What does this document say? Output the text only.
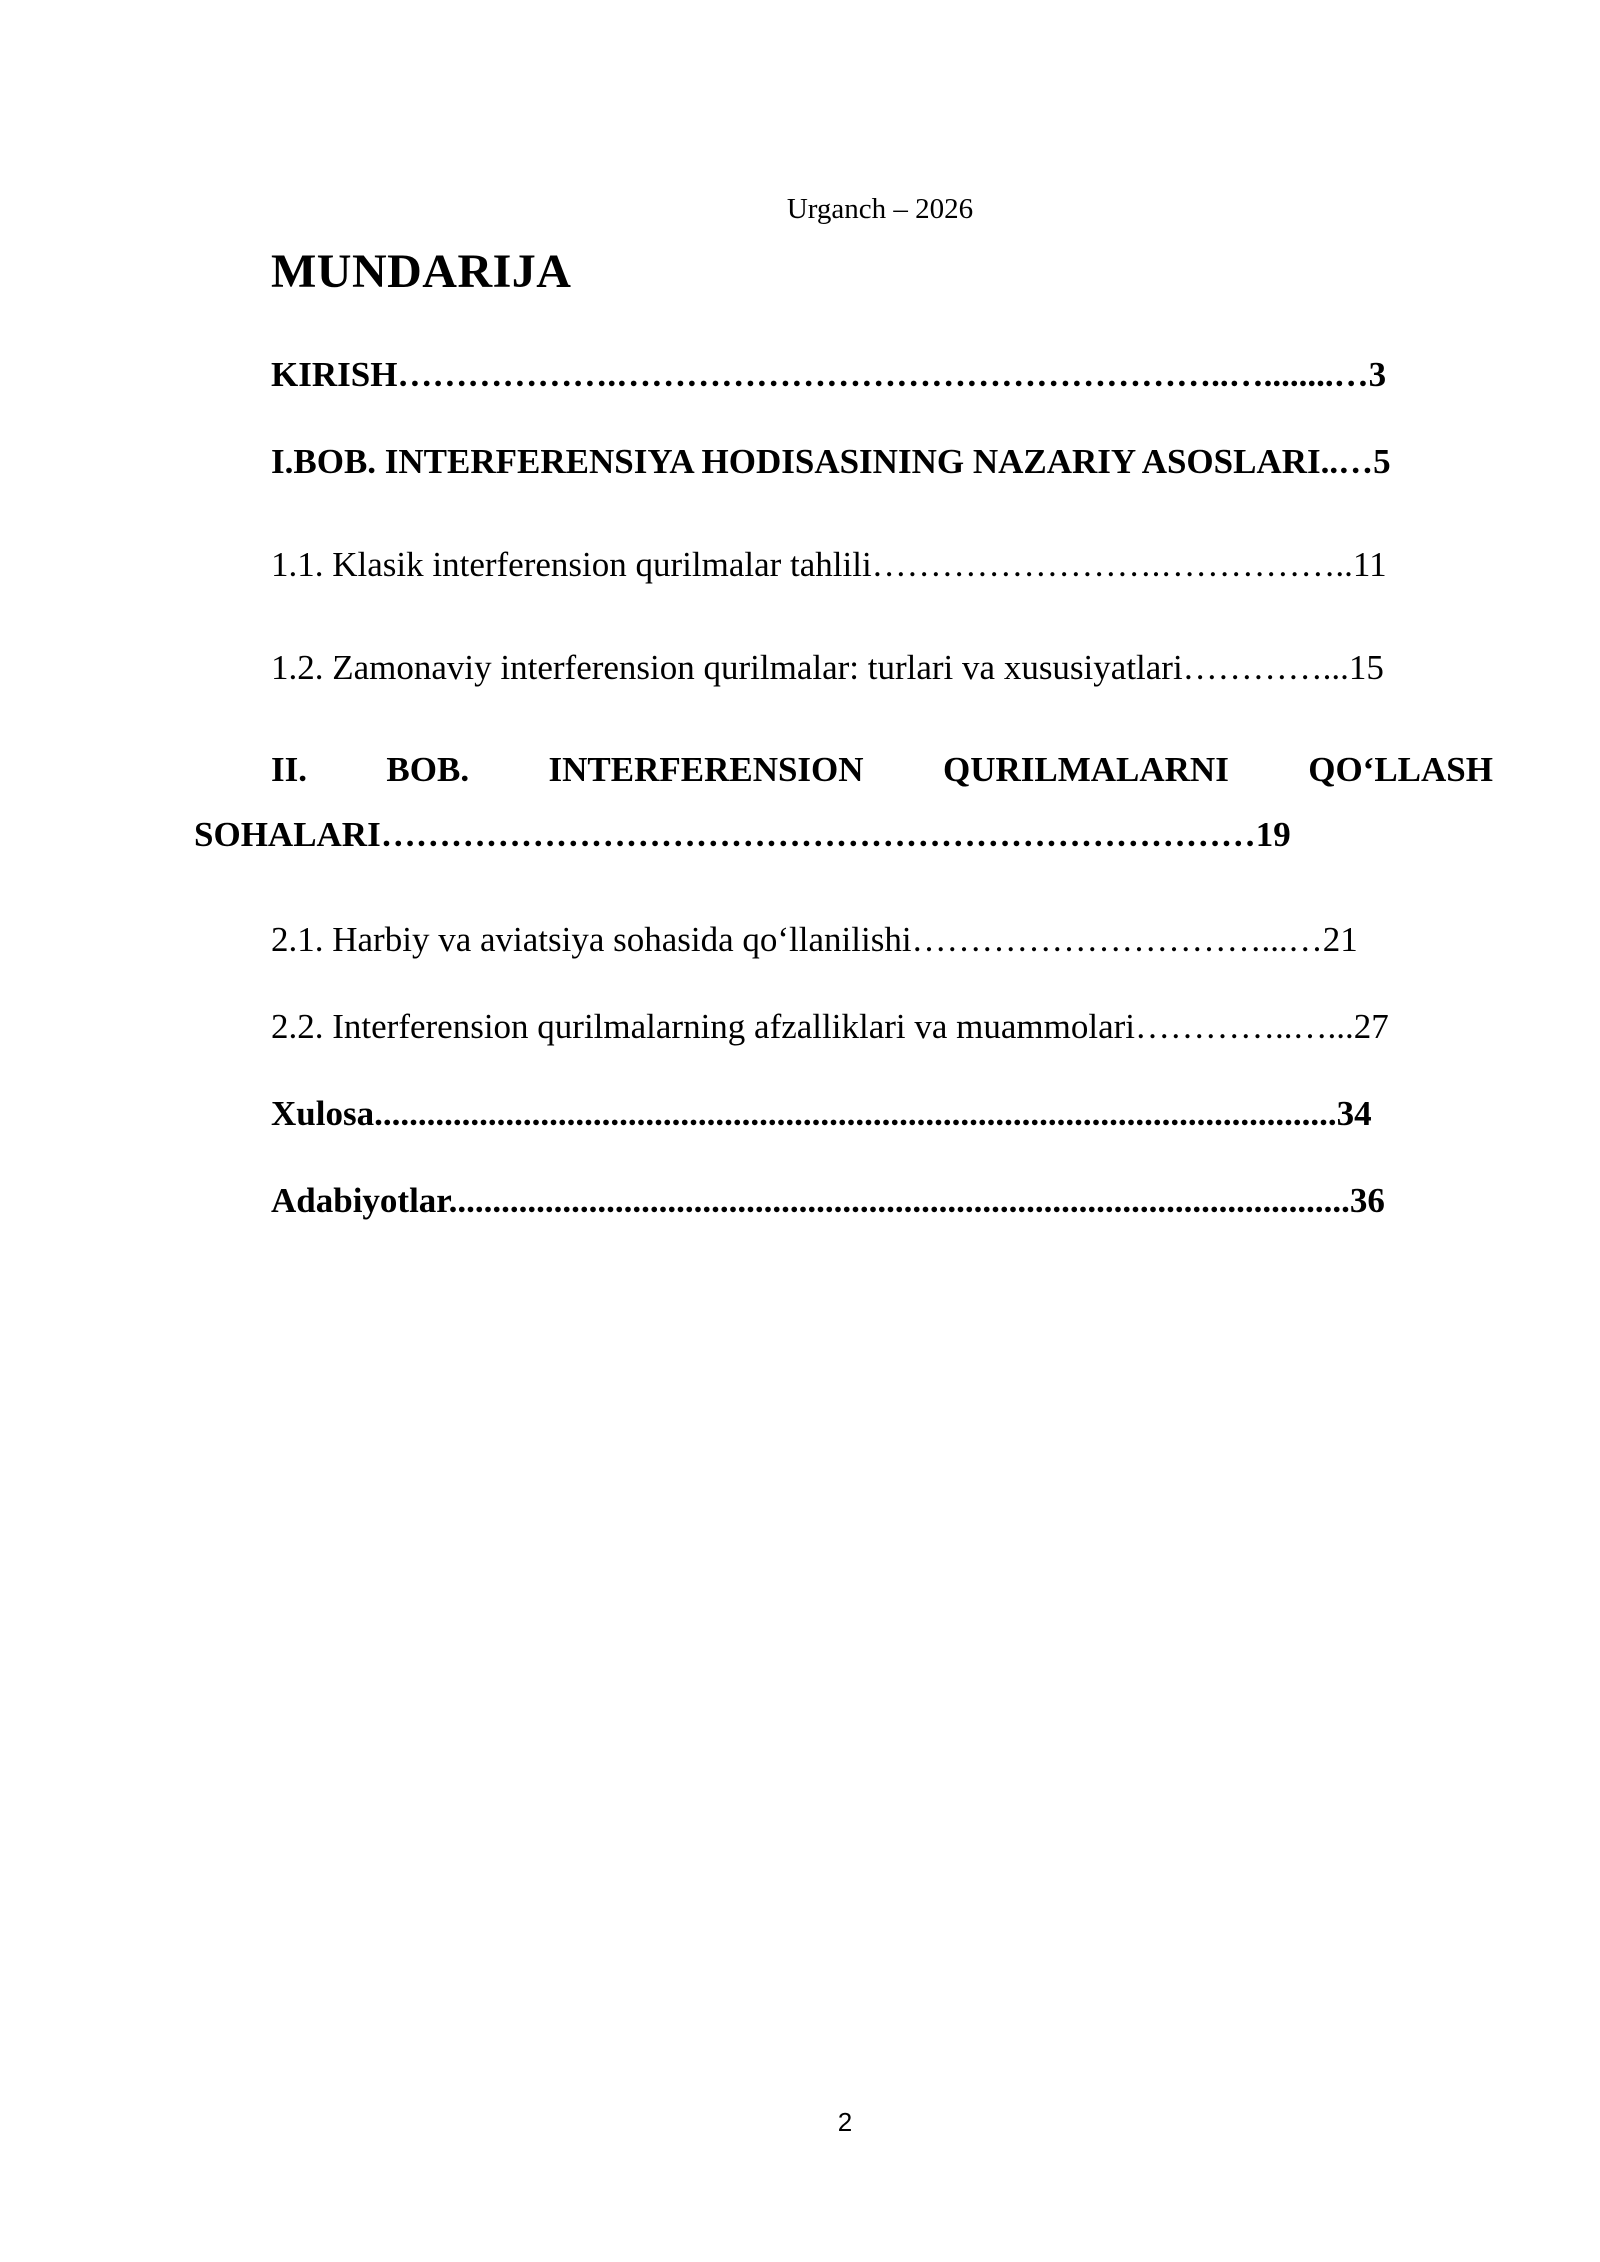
Urganch – 2026
MUNDARIJA
KIRISH……………….……………………………………………..…........…3
I.BOB. INTERFERENSIYA HODISASINING NAZARIY ASOSLARI..…5
1.1. Klasik interferension qurilmalar tahlili…………………….……………..11
1.2. Zamonaviy interferension qurilmalar: turlari va xususiyatlari…………...15
II. BOB. INTERFERENSION QURILMALARNI QO‘LLASH
SOHALARI…………………………………………………………………19
2.1. Harbiy va aviatsiya sohasida qo‘llanilishi…………………………...…21
2.2. Interferension qurilmalarning afzalliklari va muammolari…………..…...27
Xulosa..............................................................................................................34
Adabiyotlar.......................................................................................................36
2
